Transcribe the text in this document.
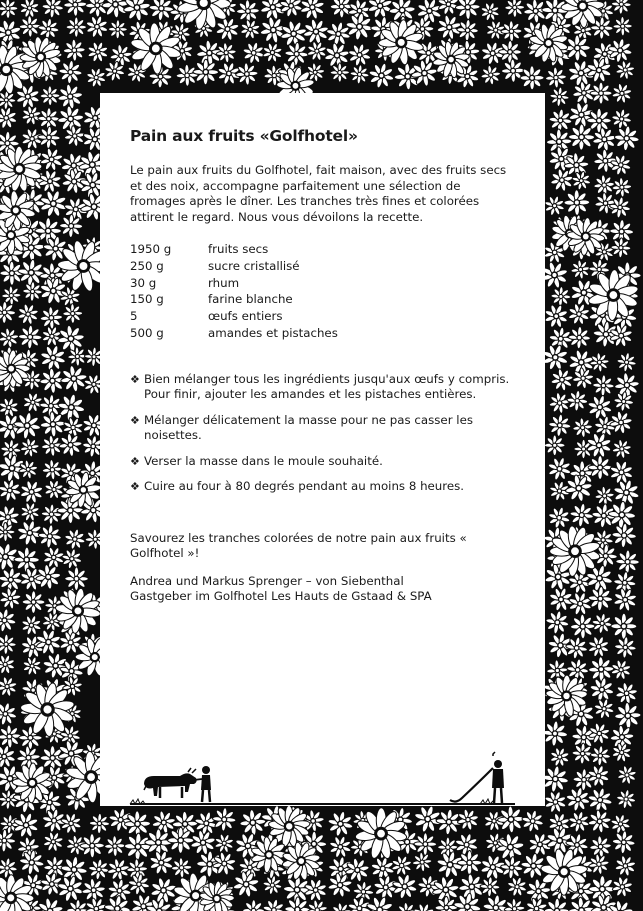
Pain aux fruits «Golfhotel»

Le pain aux fruits du Golfhotel, fait maison, avec des fruits secs et des noix, accompagne parfaitement une sélection de fromages après le dîner. Les tranches très fines et colorées attirent le regard. Nous vous dévoilons la recette.

1950 g	fruits secs
250 g	sucre cristallisé
30 g	rhum
150 g	farine blanche
5	œufs entiers
500 g	amandes et pistaches
❖ Bien mélanger tous les ingrédients jusqu'aux œufs y compris. Pour finir, ajouter les amandes et les pistaches entières.
❖ Mélanger délicatement la masse pour ne pas casser les noisettes.
❖ Verser la masse dans le moule souhaité.
❖ Cuire au four à 80 degrés pendant au moins 8 heures.

Savourez les tranches colorées de notre pain aux fruits « Golfhotel »!

Andrea und Markus Sprenger – von Siebenthal

Gastgeber im Golfhotel Les Hauts de Gstaad & SPA
